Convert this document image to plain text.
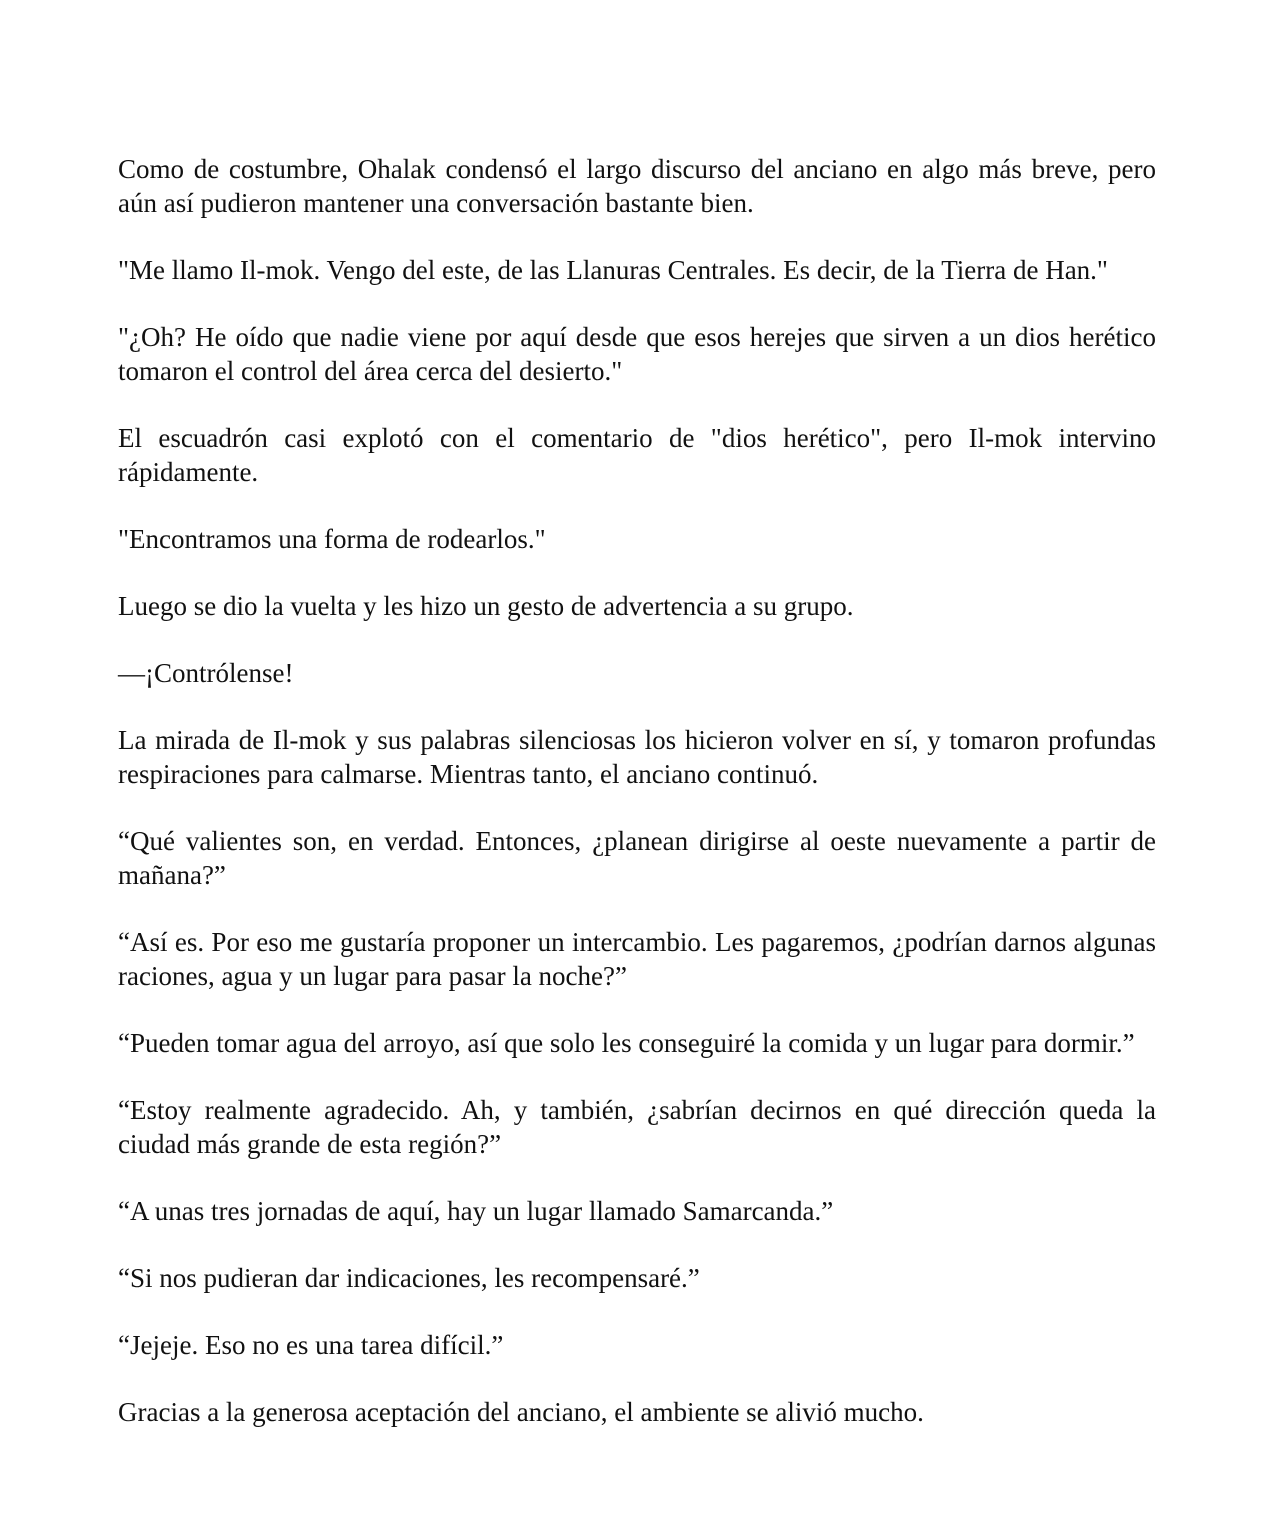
Como de costumbre, Ohalak condensó el largo discurso del anciano en algo más breve, pero aún así pudieron mantener una conversación bastante bien.

"Me llamo Il-mok. Vengo del este, de las Llanuras Centrales. Es decir, de la Tierra de Han."

"¿Oh? He oído que nadie viene por aquí desde que esos herejes que sirven a un dios herético tomaron el control del área cerca del desierto."

El escuadrón casi explotó con el comentario de "dios herético", pero Il-mok intervino rápidamente.

"Encontramos una forma de rodearlos."

Luego se dio la vuelta y les hizo un gesto de advertencia a su grupo.

—¡Contrólense!

La mirada de Il-mok y sus palabras silenciosas los hicieron volver en sí, y tomaron profundas respiraciones para calmarse. Mientras tanto, el anciano continuó.

“Qué valientes son, en verdad. Entonces, ¿planean dirigirse al oeste nuevamente a partir de mañana?”

“Así es. Por eso me gustaría proponer un intercambio. Les pagaremos, ¿podrían darnos algunas raciones, agua y un lugar para pasar la noche?”

“Pueden tomar agua del arroyo, así que solo les conseguiré la comida y un lugar para dormir.”

“Estoy realmente agradecido. Ah, y también, ¿sabrían decirnos en qué dirección queda la ciudad más grande de esta región?”

“A unas tres jornadas de aquí, hay un lugar llamado Samarcanda.”

“Si nos pudieran dar indicaciones, les recompensaré.”

“Jejeje. Eso no es una tarea difícil.”

Gracias a la generosa aceptación del anciano, el ambiente se alivió mucho.
